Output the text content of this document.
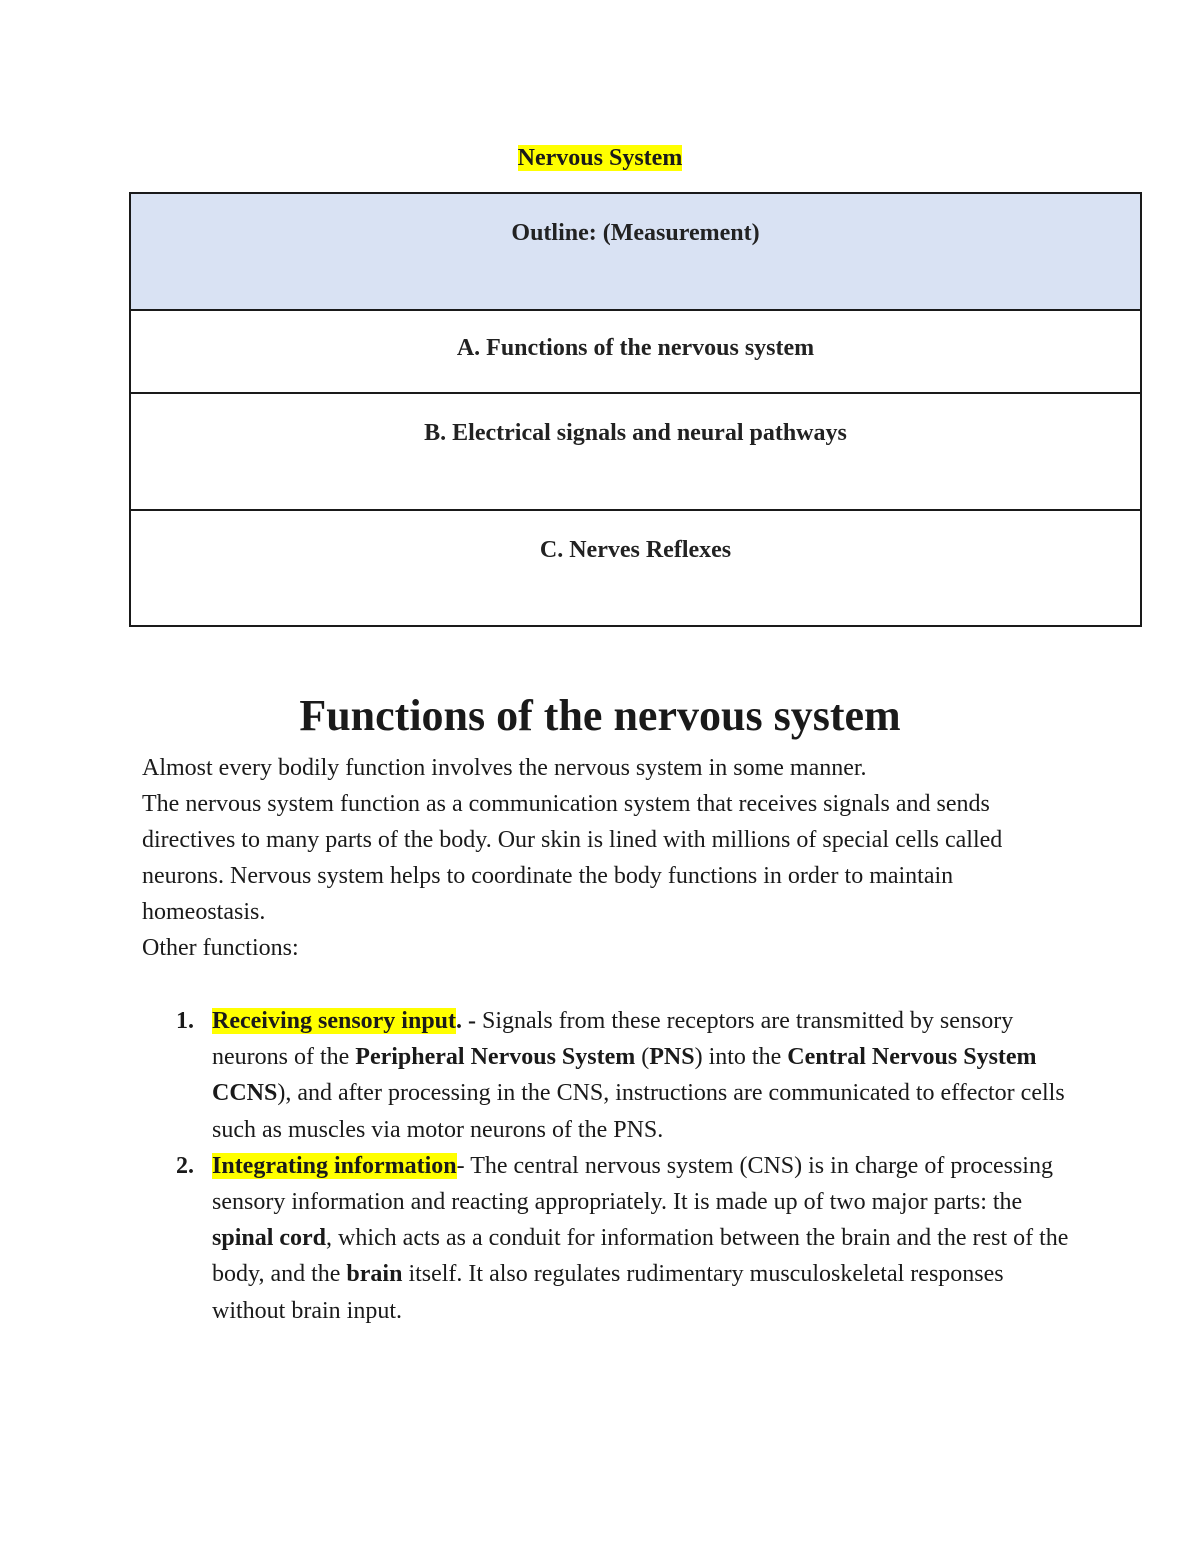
Nervous System
Outline: (Measurement)

A. Functions of the nervous system

B. Electrical signals and neural pathways

C. Nerves Reflexes
Functions of the nervous system

Almost every bodily function involves the nervous system in some manner.

The nervous system function as a communication system that receives signals and sends directives to many parts of the body. Our skin is lined with millions of special cells called neurons. Nervous system helps to coordinate the body functions in order to maintain homeostasis.

Other functions:

1. Receiving sensory input. - Signals from these receptors are transmitted by sensory neurons of the Peripheral Nervous System (PNS) into the Central Nervous System CCNS), and after processing in the CNS, instructions are communicated to effector cells such as muscles via motor neurons of the PNS.
2. Integrating information- The central nervous system (CNS) is in charge of processing sensory information and reacting appropriately. It is made up of two major parts: the spinal cord, which acts as a conduit for information between the brain and the rest of the body, and the brain itself. It also regulates rudimentary musculoskeletal responses without brain input.
